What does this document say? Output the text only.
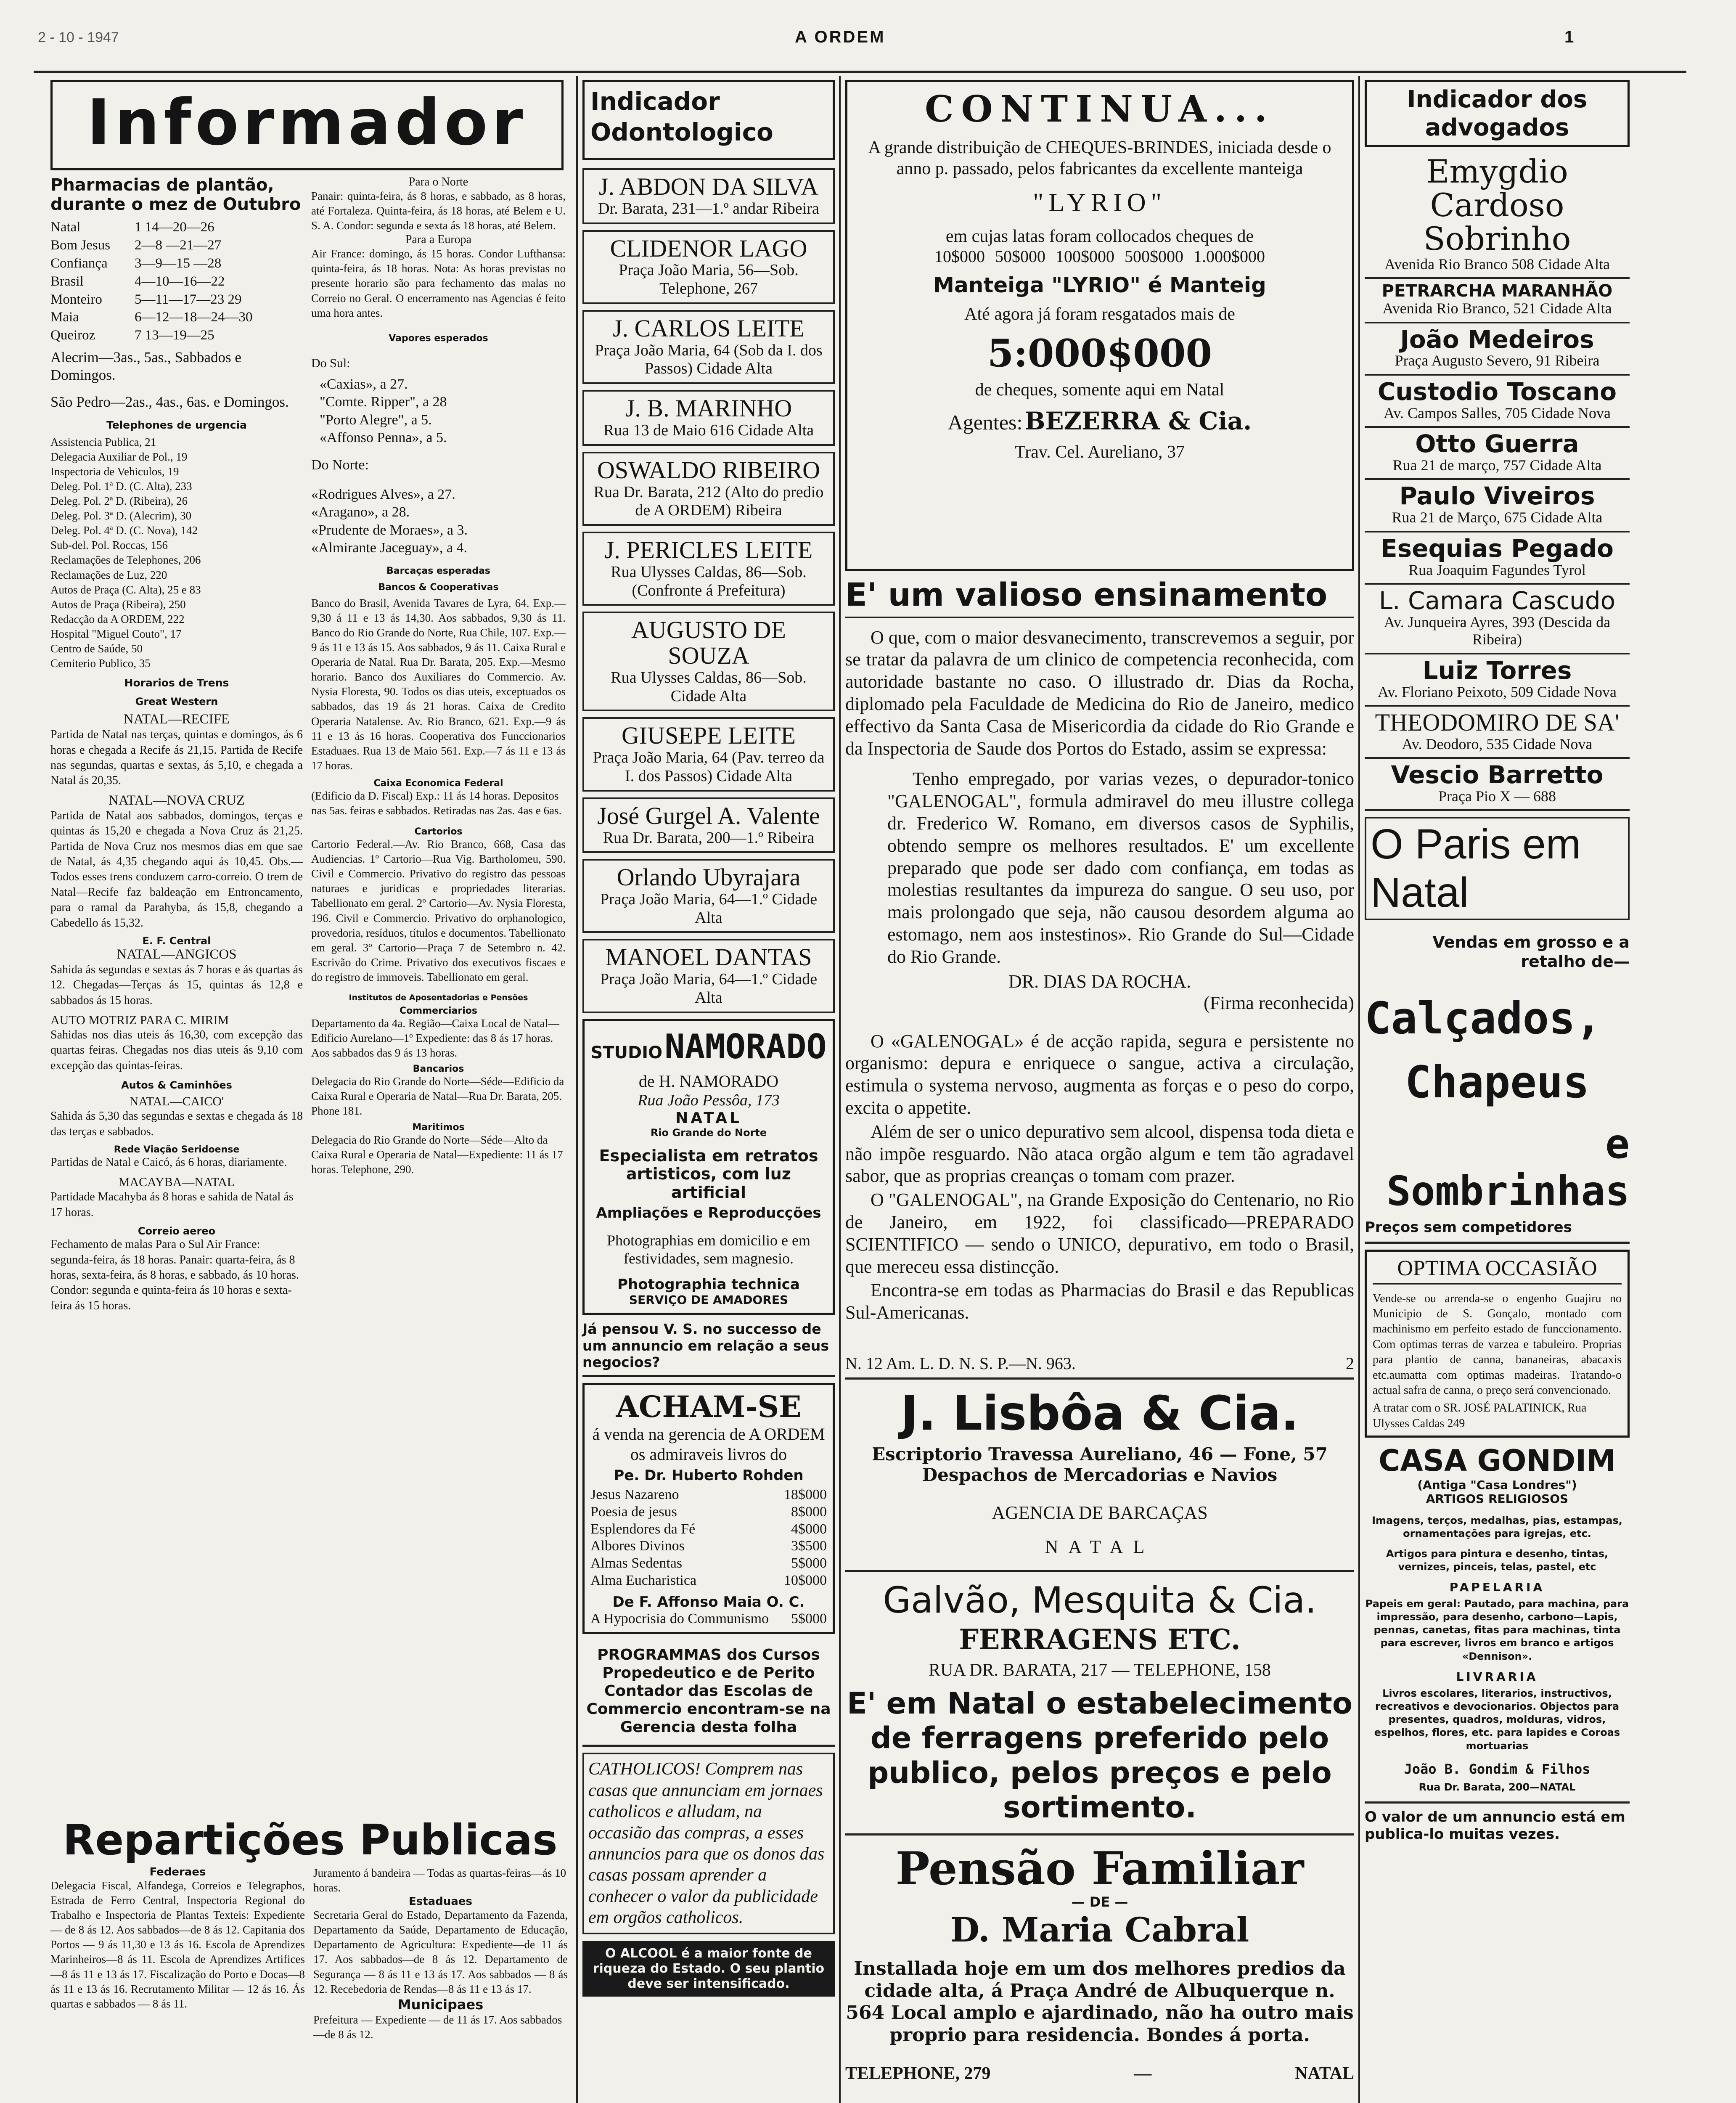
2 - 10 - 1947	A ORDEM	1
Informador
Pharmacias de plantão, durante o mez de Outubro
Natal	1 14—20—26
Bom Jesus	2—8 —21—27
Confiança	3—9—15 —28
Brasil	4—10—16—22
Monteiro	5—11—17—23 29
Maia	6—12—18—24—30
Queiroz	7 13—19—25
Alecrim—3as., 5as., Sabbados e Domingos.
São Pedro—2as., 4as., 6as. e Domingos.
Telephones de urgencia
Assistencia Publica, 21
Delegacia Auxiliar de Pol., 19
Inspectoria de Vehiculos, 19
Deleg. Pol. 1ª D. (C. Alta), 233
Deleg. Pol. 2ª D. (Ribeira), 26
Deleg. Pol. 3ª D. (Alecrim), 30
Deleg. Pol. 4ª D. (C. Nova), 142
Sub-del. Pol. Roccas, 156
Reclamações de Telephones, 206
Reclamações de Luz, 220
Autos de Praça (C. Alta), 25 e 83
Autos de Praça (Ribeira), 250
Redacção da A ORDEM, 222
Hospital "Miguel Couto", 17
Centro de Saúde, 50
Cemiterio Publico, 35
Horarios de Trens
Great Western
NATAL—RECIFE
Partida de Natal nas terças, quintas e domingos, ás 6 horas e chegada a Recife ás 21,15. Partida de Recife nas segundas, quartas e sextas, ás 5,10, e chegada a Natal ás 20,35.
NATAL—NOVA CRUZ
Partida de Natal aos sabbados, domingos, terças e quintas ás 15,20 e chegada a Nova Cruz ás 21,25. Partida de Nova Cruz nos mesmos dias em que sae de Natal, ás 4,35 chegando aqui ás 10,45. Obs.— Todos esses trens conduzem carro-correio. O trem de Natal—Recife faz baldeação em Entroncamento, para o ramal da Parahyba, ás 15,8, chegando a Cabedello ás 15,32.
E. F. Central
NATAL—ANGICOS
Sahida ás segundas e sextas ás 7 horas e ás quartas ás 12. Chegadas—Terças ás 15, quintas ás 12,8 e sabbados ás 15 horas.
AUTO MOTRIZ PARA C. MIRIM
Sahidas nos dias uteis ás 16,30, com excepção das quartas feiras. Chegadas nos dias uteis ás 9,10 com excepção das quintas-feiras.
Autos & Caminhões
NATAL—CAICO'
Sahida ás 5,30 das segundas e sextas e chegada ás 18 das terças e sabbados.
Rede Viação Seridoense
Partidas de Natal e Caicó, ás 6 horas, diariamente.
MACAYBA—NATAL
Partidade Macahyba ás 8 horas e sahida de Natal ás 17 horas.
Correio aereo
Fechamento de malas Para o Sul Air France: segunda-feira, ás 18 horas. Panair: quarta-feira, ás 8 horas, sexta-feira, ás 8 horas, e sabbado, ás 10 horas. Condor: segunda e quinta-feira ás 10 horas e sexta-feira ás 15 horas.
Para o Norte
Panair: quinta-feira, ás 8 horas, e sabbado, as 8 horas, até Fortaleza. Quinta-feira, ás 18 horas, até Belem e U. S. A. Condor: segunda e sexta ás 18 horas, até Belem.
Para a Europa
Air France: domingo, ás 15 horas. Condor Lufthansa: quinta-feira, ás 18 horas. Nota: As horas previstas no presente horario são para fechamento das malas no Correio no Geral. O encerramento nas Agencias é feito uma hora antes.
Vapores esperados
Do Sul:
«Caxias», a 27.
"Comte. Ripper", a 28
"Porto Alegre", a 5.
«Affonso Penna», a 5.
Do Norte:
«Rodrigues Alves», a 27.
«Aragano», a 28.
«Prudente de Moraes», a 3.
«Almirante Jaceguay», a 4.
Barcaças esperadas
Bancos & Cooperativas
Banco do Brasil, Avenida Tavares de Lyra, 64. Exp.—9,30 á 11 e 13 ás 14,30. Aos sabbados, 9,30 ás 11. Banco do Rio Grande do Norte, Rua Chile, 107. Exp.—9 ás 11 e 13 ás 15. Aos sabbados, 9 ás 11. Caixa Rural e Operaria de Natal. Rua Dr. Barata, 205. Exp.—Mesmo horario. Banco dos Auxiliares do Commercio. Av. Nysia Floresta, 90. Todos os dias uteis, exceptuados os sabbados, das 19 ás 21 horas. Caixa de Credito Operaria Natalense. Av. Rio Branco, 621. Exp.—9 ás 11 e 13 ás 16 horas. Cooperativa dos Funccionarios Estaduaes. Rua 13 de Maio 561. Exp.—7 ás 11 e 13 ás 17 horas.
Caixa Economica Federal
(Edificio da D. Fiscal) Exp.: 11 ás 14 horas. Depositos nas 5as. feiras e sabbados. Retiradas nas 2as. 4as e 6as.
Cartorios
Cartorio Federal.—Av. Rio Branco, 668, Casa das Audiencias. 1º Cartorio—Rua Vig. Bartholomeu, 590. Civil e Commercio. Privativo do registro das pessoas naturaes e juridicas e propriedades literarias. Tabellionato em geral. 2º Cartorio—Av. Nysia Floresta, 196. Civil e Commercio. Privativo do orphanologico, provedoria, resíduos, títulos e documentos. Tabellionato em geral. 3º Cartorio—Praça 7 de Setembro n. 42. Escrivão do Crime. Privativo dos executivos fiscaes e do registro de immoveis. Tabellionato em geral.
Institutos de Aposentadorias e Pensões
Commerciarios
Departamento da 4a. Região—Caixa Local de Natal—Edificio Aurelano—1º Expediente: das 8 ás 17 horas. Aos sabbados das 9 ás 13 horas.
Bancarios
Delegacia do Rio Grande do Norte—Séde—Edificio da Caixa Rural e Operaria de Natal—Rua Dr. Barata, 205. Phone 181.
Maritimos
Delegacia do Rio Grande do Norte—Séde—Alto da Caixa Rural e Operaria de Natal—Expediente: 11 ás 17 horas. Telephone, 290.
Repartições Publicas
Federaes
Delegacia Fiscal, Alfandega, Correios e Telegraphos, Estrada de Ferro Central, Inspectoria Regional do Trabalho e Inspectoria de Plantas Texteis: Expediente — de 8 ás 12. Aos sabbados—de 8 ás 12. Capitania dos Portos — 9 ás 11,30 e 13 ás 16. Escola de Aprendizes Marinheiros—8 ás 11. Escola de Aprendizes Artifices—8 ás 11 e 13 ás 17. Fiscalização do Porto e Docas—8 ás 11 e 13 ás 16. Recrutamento Militar — 12 ás 16. Ás quartas e sabbados — 8 ás 11.
Juramento á bandeira — Todas as quartas-feiras—ás 10 horas.
Estaduaes
Secretaria Geral do Estado, Departamento da Fazenda, Departamento da Saúde, Departamento de Educação, Departamento de Agricultura: Expediente—de 11 ás 17. Aos sabbados—de 8 ás 12. Departamento de Segurança — 8 ás 11 e 13 ás 17. Aos sabbados — 8 ás 12. Recebedoria de Rendas—8 ás 11 e 13 ás 17.
Municipaes
Prefeitura — Expediente — de 11 ás 17. Aos sabbados—de 8 ás 12.
Indicador Odontologico
J. ABDON DA SILVA
Dr. Barata, 231—1.º andar Ribeira
CLIDENOR LAGO
Praça João Maria, 56—Sob. Telephone, 267
J. CARLOS LEITE
Praça João Maria, 64 (Sob da I. dos Passos) Cidade Alta
J. B. MARINHO
Rua 13 de Maio 616 Cidade Alta
OSWALDO RIBEIRO
Rua Dr. Barata, 212 (Alto do predio de A ORDEM) Ribeira
J. PERICLES LEITE
Rua Ulysses Caldas, 86—Sob. (Confronte á Prefeitura)
AUGUSTO DE SOUZA
Rua Ulysses Caldas, 86—Sob. Cidade Alta
GIUSEPE LEITE
Praça João Maria, 64 (Pav. terreo da I. dos Passos) Cidade Alta
José Gurgel A. Valente
Rua Dr. Barata, 200—1.º Ribeira
Orlando Ubyrajara
Praça João Maria, 64—1.º Cidade Alta
MANOEL DANTAS
Praça João Maria, 64—1.º Cidade Alta
STUDIO NAMORADO
de H. NAMORADO
Rua João Pessôa, 173
NATAL
Rio Grande do Norte
Especialista em retratos artisticos, com luz artificial
Ampliações e Reproducções
Photographias em domicilio e em festividades, sem magnesio.
Photographia technica
SERVIÇO DE AMADORES
Já pensou V. S. no successo de um annuncio em relação a seus negocios?
ACHAM-SE
á venda na gerencia de A ORDEM os admiraveis livros do
Pe. Dr. Huberto Rohden
Jesus Nazareno	18$000
Poesia de jesus	8$000
Esplendores da Fé	4$000
Albores Divinos	3$500
Almas Sedentas	5$000
Alma Eucharistica	10$000
De F. Affonso Maia O. C.
A Hypocrisia do Communismo 5$000
PROGRAMMAS dos Cursos Propedeutico e de Perito Contador das Escolas de Commercio encontram-se na Gerencia desta folha
CATHOLICOS! Comprem nas casas que annunciam em jornaes catholicos e alludam, na occasião das compras, a esses annuncios para que os donos das casas possam aprender a conhecer o valor da publicidade em orgãos catholicos.
O ALCOOL é a maior fonte de riqueza do Estado. O seu plantio deve ser intensificado.
CONTINUA...
A grande distribuição de CHEQUES-BRINDES, iniciada desde o anno p. passado, pelos fabricantes da excellente manteiga
"LYRIO"
em cujas latas foram collocados cheques de
10$000 50$000 100$000 500$000 1.000$000
Manteiga "LYRIO" é Manteig
Até agora já foram resgatados mais de
5:000$000
de cheques, somente aqui em Natal
Agentes: BEZERRA & Cia.
Trav. Cel. Aureliano, 37
E' um valioso ensinamento

O que, com o maior desvanecimento, transcrevemos a seguir, por se tratar da palavra de um clinico de competencia reconhecida, com autoridade bastante no caso. O illustrado dr. Dias da Rocha, diplomado pela Faculdade de Medicina do Rio de Janeiro, medico effectivo da Santa Casa de Misericordia da cidade do Rio Grande e da Inspectoria de Saude dos Portos do Estado, assim se expressa:

Tenho empregado, por varias vezes, o depurador-tonico "GALENOGAL", formula admiravel do meu illustre collega dr. Frederico W. Romano, em diversos casos de Syphilis, obtendo sempre os melhores resultados. E' um excellente preparado que pode ser dado com confiança, em todas as molestias resultantes da impureza do sangue. O seu uso, por mais prolongado que seja, não causou desordem alguma ao estomago, nem aos instestinos». Rio Grande do Sul—Cidade do Rio Grande.

DR. DIAS DA ROCHA.
(Firma reconhecida)

O «GALENOGAL» é de acção rapida, segura e persistente no organismo: depura e enriquece o sangue, activa a circulação, estimula o systema nervoso, augmenta as forças e o peso do corpo, excita o appetite.

Além de ser o unico depurativo sem alcool, dispensa toda dieta e não impõe resguardo. Não ataca orgão algum e tem tão agradavel sabor, que as proprias creanças o tomam com prazer.

O "GALENOGAL", na Grande Exposição do Centenario, no Rio de Janeiro, em 1922, foi classificado—PREPARADO SCIENTIFICO — sendo o UNICO, depurativo, em todo o Brasil, que mereceu essa distincção.

Encontra-se em todas as Pharmacias do Brasil e das Republicas Sul-Americanas.

N. 12 Am. L. D. N. S. P.—N. 963.	2
J. Lisbôa & Cia.
Escriptorio Travessa Aureliano, 46 — Fone, 57
Despachos de Mercadorias e Navios
AGENCIA DE BARCAÇAS
NATAL
Galvão, Mesquita & Cia.
FERRAGENS ETC.
RUA DR. BARATA, 217 — TELEPHONE, 158
E' em Natal o estabelecimento de ferragens preferido pelo publico, pelos preços e pelo sortimento.
Pensão Familiar
— DE —
D. Maria Cabral
Installada hoje em um dos melhores predios da cidade alta, á Praça André de Albuquerque n. 564 Local amplo e ajardinado, não ha outro mais proprio para residencia. Bondes á porta.
TELEPHONE, 279	—	NATAL
Indicador dos advogados
Emygdio Cardoso Sobrinho
Avenida Rio Branco 508 Cidade Alta
PETRARCHA MARANHÃO
Avenida Rio Branco, 521 Cidade Alta
João Medeiros
Praça Augusto Severo, 91 Ribeira
Custodio Toscano
Av. Campos Salles, 705 Cidade Nova
Otto Guerra
Rua 21 de março, 757 Cidade Alta
Paulo Viveiros
Rua 21 de Março, 675 Cidade Alta
Esequias Pegado
Rua Joaquim Fagundes Tyrol
L. Camara Cascudo
Av. Junqueira Ayres, 393 (Descida da Ribeira)
Luiz Torres
Av. Floriano Peixoto, 509 Cidade Nova
THEODOMIRO DE SA'
Av. Deodoro, 535 Cidade Nova
Vescio Barretto
Praça Pio X — 688
O Paris em Natal
Vendas em grosso e a retalho de—
Calçados,
Chapeus
e Sombrinhas
Preços sem competidores
OPTIMA OCCASIÃO
Vende-se ou arrenda-se o engenho Guajiru no Municipio de S. Gonçalo, montado com machinismo em perfeito estado de funccionamento. Com optimas terras de varzea e tabuleiro. Proprias para plantio de canna, bananeiras, abacaxis etc.aumatta com optimas madeiras. Tratando-o actual safra de canna, o preço será convencionado.
A tratar com o SR. JOSÉ PALATINICK, Rua Ulysses Caldas 249
CASA GONDIM
(Antiga "Casa Londres")
ARTIGOS RELIGIOSOS
Imagens, terços, medalhas, pias, estampas, ornamentações para igrejas, etc.
Artigos para pintura e desenho, tintas, vernizes, pinceis, telas, pastel, etc
PAPELARIA
Papeis em geral: Pautado, para machina, para impressão, para desenho, carbono—Lapis, pennas, canetas, fitas para machinas, tinta para escrever, livros em branco e artigos «Dennison».
LIVRARIA
Livros escolares, literarios, instructivos, recreativos e devocionarios. Objectos para presentes, quadros, molduras, vidros, espelhos, flores, etc. para lapides e Coroas mortuarias
João B. Gondim & Filhos
Rua Dr. Barata, 200—NATAL
O valor de um annuncio está em publica-lo muitas vezes.
